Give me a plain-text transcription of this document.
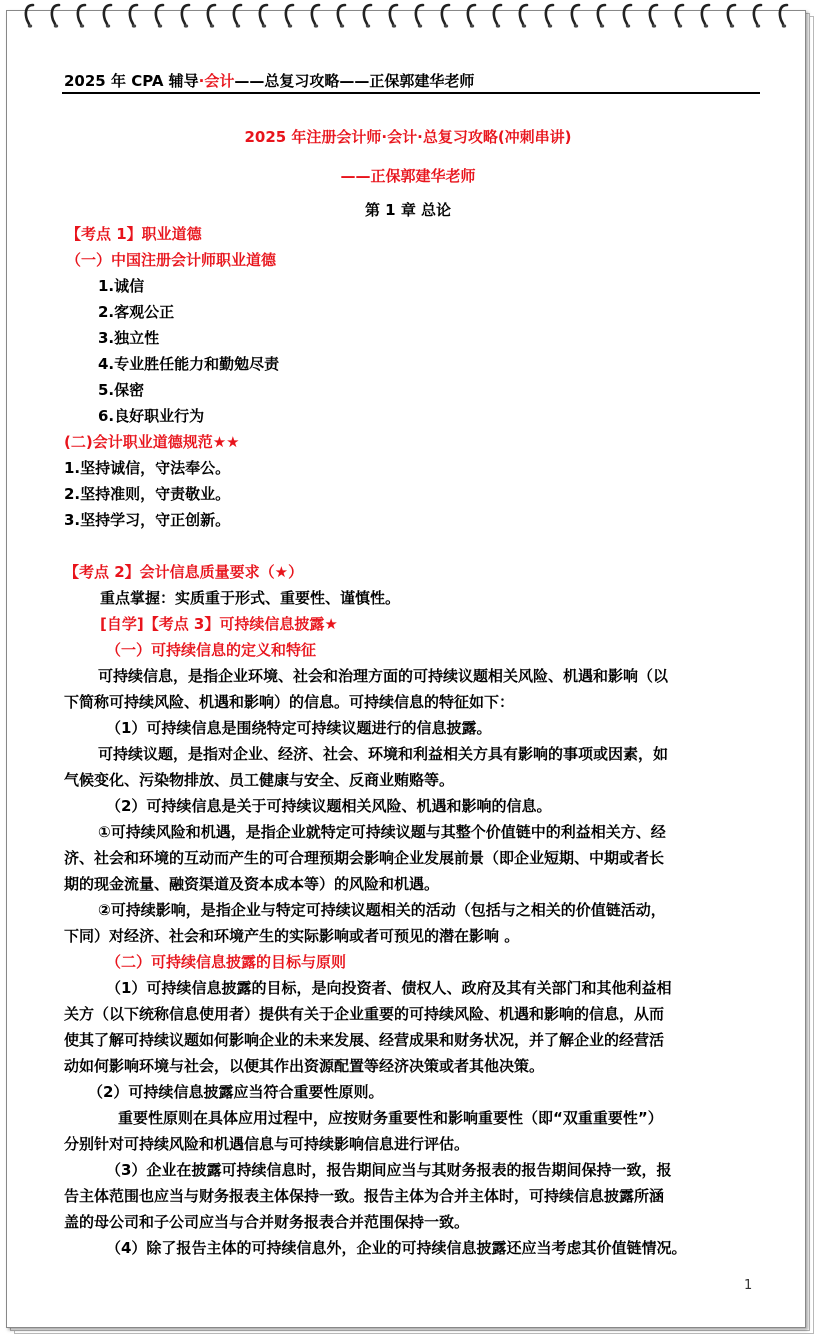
2025 年 CPA 辅导·会计——总复习攻略——正保郭建华老师
2025 年注册会计师·会计·总复习攻略(冲刺串讲)
——正保郭建华老师
第 1 章 总论
【考点 1】职业道德
（一）中国注册会计师职业道德
1.诚信
2.客观公正
3.独立性
4.专业胜任能力和勤勉尽责
5.保密
6.良好职业行为
(二)会计职业道德规范★★
1.坚持诚信，守法奉公。
2.坚持准则，守责敬业。
3.坚持学习，守正创新。
【考点 2】会计信息质量要求（★）
重点掌握：实质重于形式、重要性、谨慎性。
[自学]【考点 3】可持续信息披露★
（一）可持续信息的定义和特征
可持续信息，是指企业环境、社会和治理方面的可持续议题相关风险、机遇和影响（以
下简称可持续风险、机遇和影响）的信息。可持续信息的特征如下：
（1）可持续信息是围绕特定可持续议题进行的信息披露。
可持续议题，是指对企业、经济、社会、环境和利益相关方具有影响的事项或因素，如
气候变化、污染物排放、员工健康与安全、反商业贿赂等。
（2）可持续信息是关于可持续议题相关风险、机遇和影响的信息。
①可持续风险和机遇，是指企业就特定可持续议题与其整个价值链中的利益相关方、经
济、社会和环境的互动而产生的可合理预期会影响企业发展前景（即企业短期、中期或者长
期的现金流量、融资渠道及资本成本等）的风险和机遇。
②可持续影响，是指企业与特定可持续议题相关的活动（包括与之相关的价值链活动，
下同）对经济、社会和环境产生的实际影响或者可预见的潜在影响 。
（二）可持续信息披露的目标与原则
（1）可持续信息披露的目标，是向投资者、债权人、政府及其有关部门和其他利益相
关方（以下统称信息使用者）提供有关于企业重要的可持续风险、机遇和影响的信息，从而
使其了解可持续议题如何影响企业的未来发展、经营成果和财务状况，并了解企业的经营活
动如何影响环境与社会，以便其作出资源配置等经济决策或者其他决策。
（2）可持续信息披露应当符合重要性原则。
重要性原则在具体应用过程中，应按财务重要性和影响重要性（即“双重重要性”）
分别针对可持续风险和机遇信息与可持续影响信息进行评估。
（3）企业在披露可持续信息时，报告期间应当与其财务报表的报告期间保持一致，报
告主体范围也应当与财务报表主体保持一致。报告主体为合并主体时，可持续信息披露所涵
盖的母公司和子公司应当与合并财务报表合并范围保持一致。
（4）除了报告主体的可持续信息外，企业的可持续信息披露还应当考虑其价值链情况。
1
